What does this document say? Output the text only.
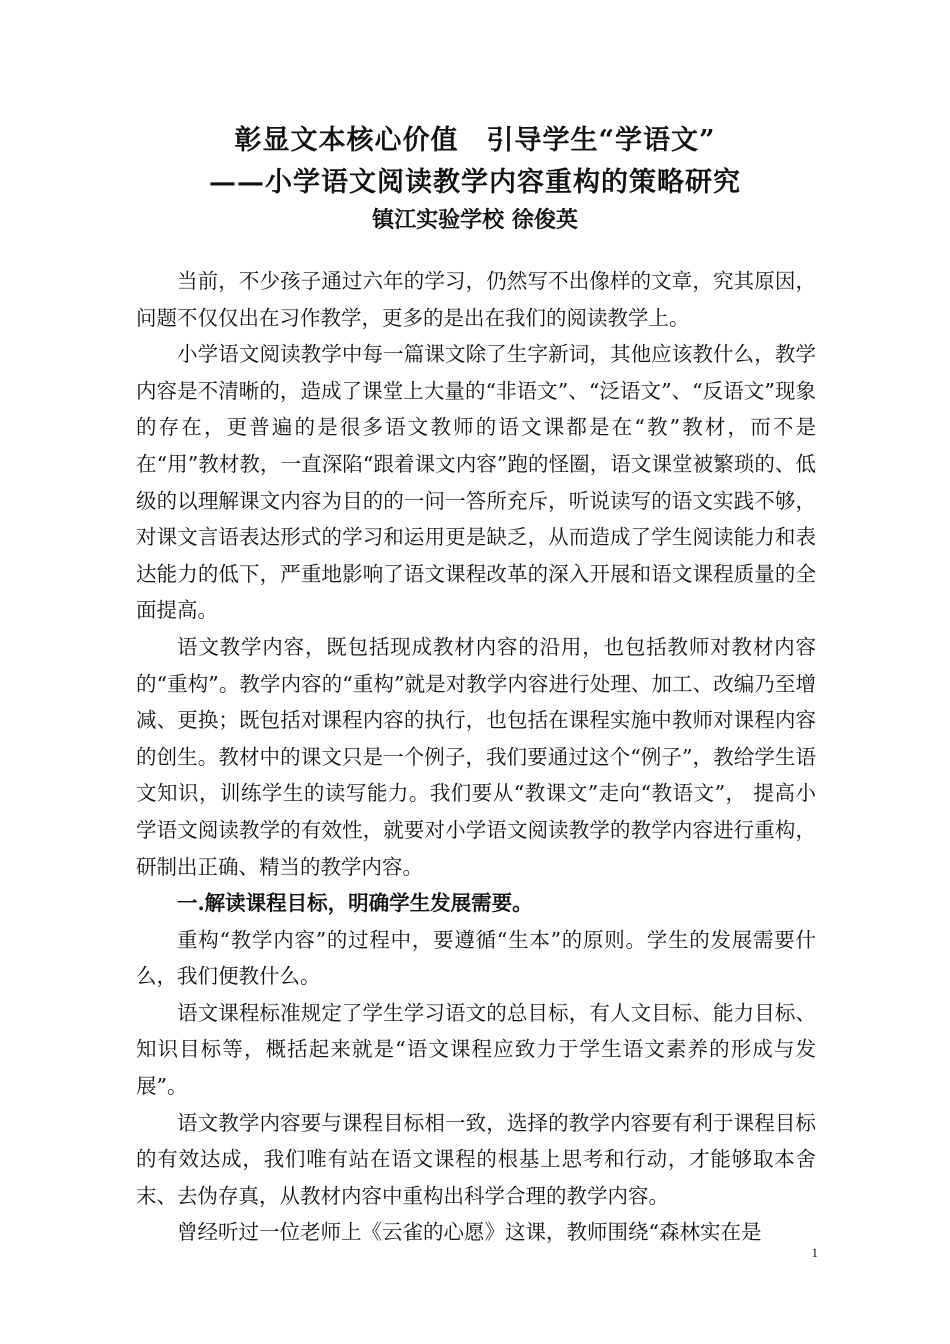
彰显文本核心价值　引导学生“学语文”
——小学语文阅读教学内容重构的策略研究
镇江实验学校 徐俊英

当前，不少孩子通过六年的学习，仍然写不出像样的文章，究其原因，问题不仅仅出在习作教学，更多的是出在我们的阅读教学上。

小学语文阅读教学中每一篇课文除了生字新词，其他应该教什么，教学内容是不清晰的，造成了课堂上大量的“非语文”、“泛语文”、“反语文”现象的存在，更普遍的是很多语文教师的语文课都是在“教”教材，而不是在“用”教材教，一直深陷“跟着课文内容”跑的怪圈，语文课堂被繁琐的、低级的以理解课文内容为目的的一问一答所充斥，听说读写的语文实践不够，对课文言语表达形式的学习和运用更是缺乏，从而造成了学生阅读能力和表达能力的低下，严重地影响了语文课程改革的深入开展和语文课程质量的全面提高。

语文教学内容，既包括现成教材内容的沿用，也包括教师对教材内容的“重构”。教学内容的“重构”就是对教学内容进行处理、加工、改编乃至增减、更换；既包括对课程内容的执行，也包括在课程实施中教师对课程内容的创生。教材中的课文只是一个例子，我们要通过这个“例子”，教给学生语文知识，训练学生的读写能力。我们要从“教课文”走向“教语文”， 提高小学语文阅读教学的有效性，就要对小学语文阅读教学的教学内容进行重构，研制出正确、精当的教学内容。

一.解读课程目标，明确学生发展需要。

重构“教学内容”的过程中，要遵循“生本”的原则。学生的发展需要什么，我们便教什么。

语文课程标准规定了学生学习语文的总目标，有人文目标、能力目标、知识目标等，概括起来就是“语文课程应致力于学生语文素养的形成与发展”。

语文教学内容要与课程目标相一致，选择的教学内容要有利于课程目标的有效达成，我们唯有站在语文课程的根基上思考和行动，才能够取本舍末、去伪存真，从教材内容中重构出科学合理的教学内容。

曾经听过一位老师上《云雀的心愿》这课，教师围绕“森林实在是

1
